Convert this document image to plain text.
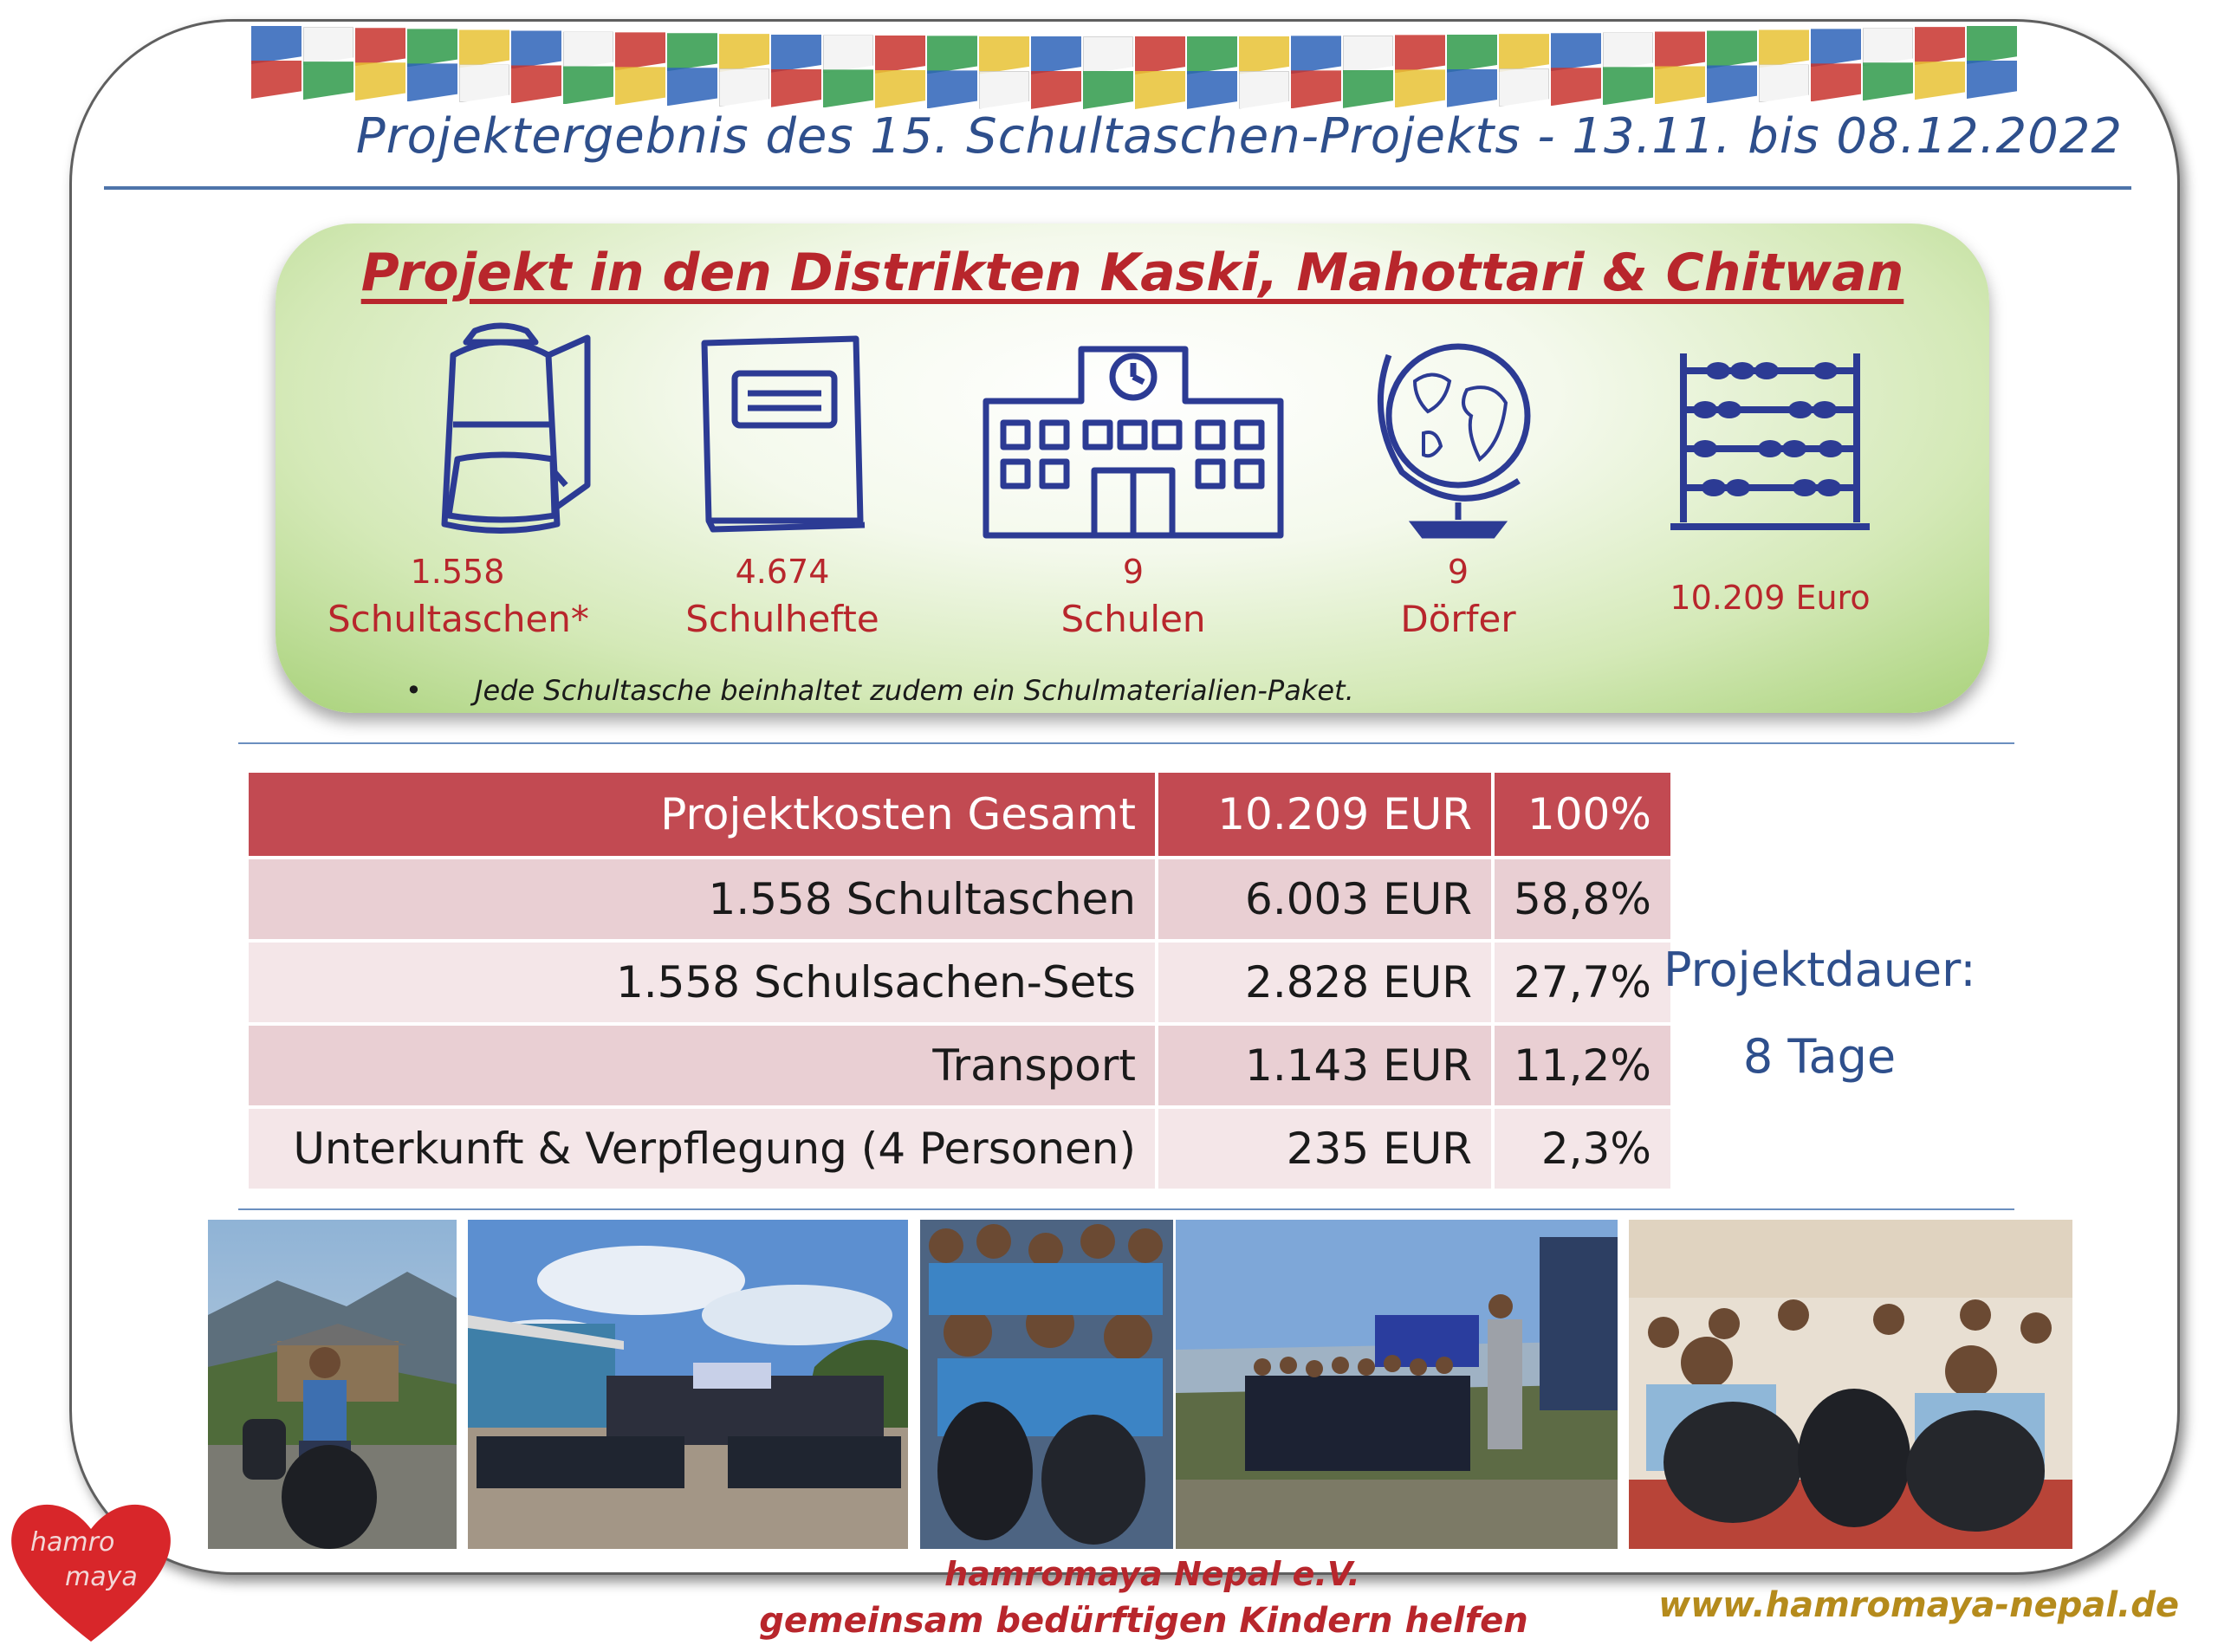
Projektergebnis des 15. Schultaschen-Projekts - 13.11. bis 08.12.2022
Projekt in den Distrikten Kaski, Mahottari & Chitwan
1.558
Schultaschen*
4.674
Schulhefte
9
Schulen
9
Dörfer	10.209 Euro
• Jede Schultasche beinhaltet zudem ein Schulmaterialien-Paket.
Projektkosten Gesamt	10.209 EUR	100%
1.558 Schultaschen	6.003 EUR	58,8%
1.558 Schulsachen-Sets	2.828 EUR	27,7%
Transport	1.143 EUR	11,2%
Unterkunft & Verpflegung (4 Personen)	235 EUR	2,3%
Projektdauer:
8 Tage
hamro
maya	hamromaya Nepal e.V.
gemeinsam bedürftigen Kindern helfen	www.hamromaya-nepal.de
